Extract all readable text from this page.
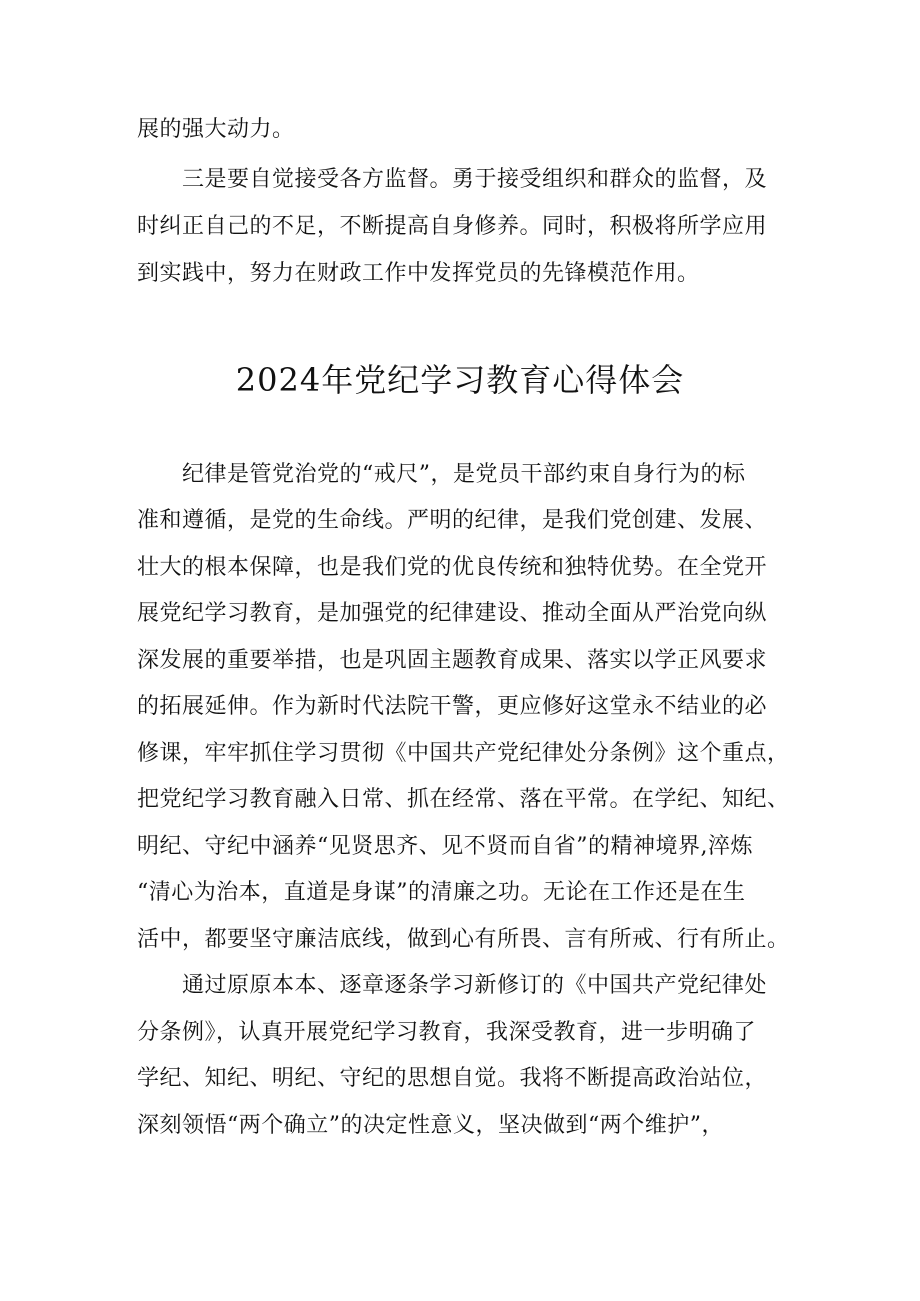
展的强大动力。
　　三是要自觉接受各方监督。勇于接受组织和群众的监督，及
时纠正自己的不足，不断提高自身修养。同时，积极将所学应用
到实践中，努力在财政工作中发挥党员的先锋模范作用。
2024年党纪学习教育心得体会
　　纪律是管党治党的“戒尺”，是党员干部约束自身行为的标
准和遵循，是党的生命线。严明的纪律，是我们党创建、发展、
壮大的根本保障，也是我们党的优良传统和独特优势。在全党开
展党纪学习教育，是加强党的纪律建设、推动全面从严治党向纵
深发展的重要举措，也是巩固主题教育成果、落实以学正风要求
的拓展延伸。作为新时代法院干警，更应修好这堂永不结业的必
修课，牢牢抓住学习贯彻《中国共产党纪律处分条例》这个重点，
把党纪学习教育融入日常、抓在经常、落在平常。在学纪、知纪、
明纪、守纪中涵养“见贤思齐、见不贤而自省”的精神境界,淬炼
“清心为治本，直道是身谋”的清廉之功。无论在工作还是在生
活中，都要坚守廉洁底线，做到心有所畏、言有所戒、行有所止。
　　通过原原本本、逐章逐条学习新修订的《中国共产党纪律处
分条例》，认真开展党纪学习教育，我深受教育，进一步明确了
学纪、知纪、明纪、守纪的思想自觉。我将不断提高政治站位，
深刻领悟“两个确立”的决定性意义，坚决做到“两个维护”，
